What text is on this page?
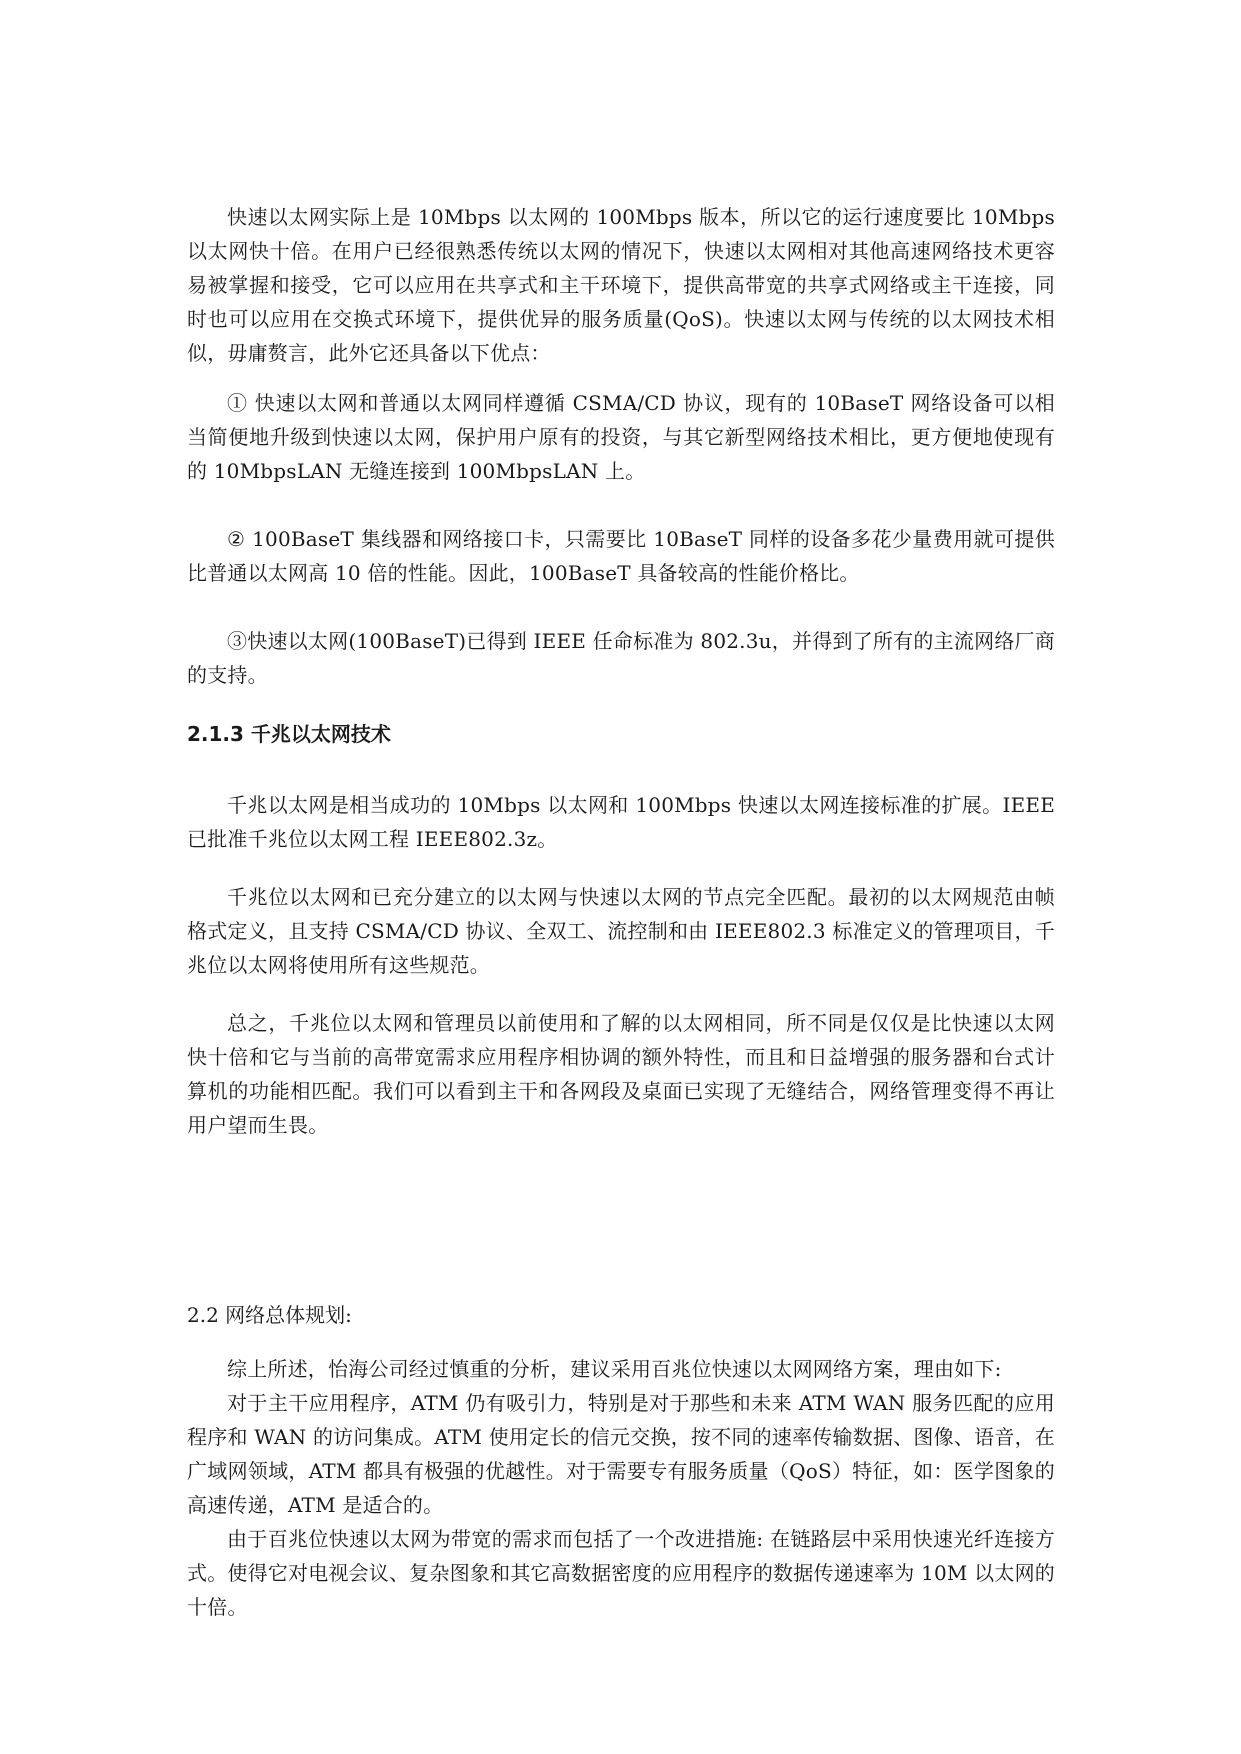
快速以太网实际上是 10Mbps 以太网的 100Mbps 版本，所以它的运行速度要比 10Mbps 以太网快十倍。在用户已经很熟悉传统以太网的情况下，快速以太网相对其他高速网络技术更容易被掌握和接受，它可以应用在共享式和主干环境下，提供高带宽的共享式网络或主干连接，同时也可以应用在交换式环境下，提供优异的服务质量(QoS)。快速以太网与传统的以太网技术相似，毋庸赘言，此外它还具备以下优点：

① 快速以太网和普通以太网同样遵循 CSMA/CD 协议，现有的 10BaseT 网络设备可以相当简便地升级到快速以太网，保护用户原有的投资，与其它新型网络技术相比，更方便地使现有的 10MbpsLAN 无缝连接到 100MbpsLAN 上。

② 100BaseT 集线器和网络接口卡，只需要比 10BaseT 同样的设备多花少量费用就可提供比普通以太网高 10 倍的性能。因此，100BaseT 具备较高的性能价格比。

③快速以太网(100BaseT)已得到 IEEE 任命标准为 802.3u，并得到了所有的主流网络厂商的支持。

2.1.3 千兆以太网技术

千兆以太网是相当成功的 10Mbps 以太网和 100Mbps 快速以太网连接标准的扩展。IEEE 已批准千兆位以太网工程 IEEE802.3z。

千兆位以太网和已充分建立的以太网与快速以太网的节点完全匹配。最初的以太网规范由帧格式定义，且支持 CSMA/CD 协议、全双工、流控制和由 IEEE802.3 标准定义的管理项目，千兆位以太网将使用所有这些规范。

总之，千兆位以太网和管理员以前使用和了解的以太网相同，所不同是仅仅是比快速以太网快十倍和它与当前的高带宽需求应用程序相协调的额外特性，而且和日益增强的服务器和台式计算机的功能相匹配。我们可以看到主干和各网段及桌面已实现了无缝结合，网络管理变得不再让用户望而生畏。

2.2 网络总体规划:

综上所述，怡海公司经过慎重的分析，建议采用百兆位快速以太网网络方案，理由如下:

对于主干应用程序，ATM 仍有吸引力，特别是对于那些和未来 ATM WAN 服务匹配的应用程序和 WAN 的访问集成。ATM 使用定长的信元交换，按不同的速率传输数据、图像、语音，在广域网领域，ATM 都具有极强的优越性。对于需要专有服务质量（QoS）特征，如：医学图象的高速传递，ATM 是适合的。

由于百兆位快速以太网为带宽的需求而包括了一个改进措施: 在链路层中采用快速光纤连接方式。使得它对电视会议、复杂图象和其它高数据密度的应用程序的数据传递速率为 10M 以太网的十倍。
